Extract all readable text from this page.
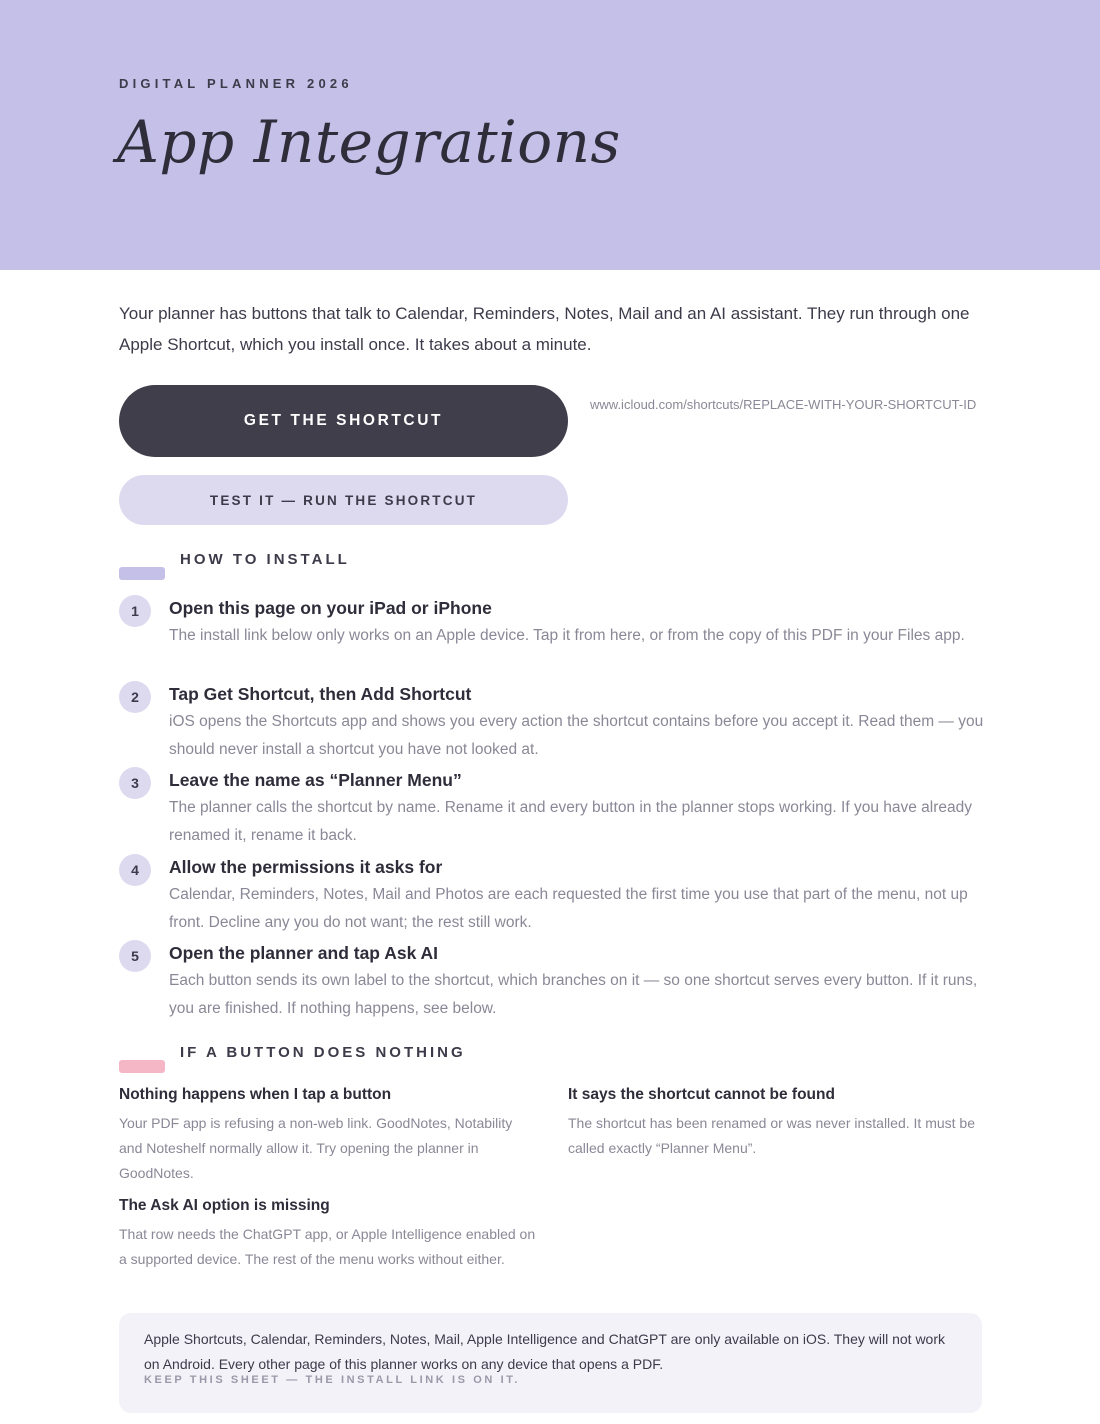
DIGITAL PLANNER 2026
App Integrations

Your planner has buttons that talk to Calendar, Reminders, Notes, Mail and an AI assistant. They run through one Apple Shortcut, which you install once. It takes about a minute.

GET THE SHORTCUT
www.icloud.com/shortcuts/REPLACE-WITH-YOUR-SHORTCUT-ID
TEST IT — RUN THE SHORTCUT
HOW TO INSTALL
1	Open this page on your iPad or iPhone
The install link below only works on an Apple device. Tap it from here, or from the copy of this PDF in your Files app.
2	Tap Get Shortcut, then Add Shortcut
iOS opens the Shortcuts app and shows you every action the shortcut contains before you accept it. Read them — you should never install a shortcut you have not looked at.
3	Leave the name as “Planner Menu”
The planner calls the shortcut by name. Rename it and every button in the planner stops working. If you have already renamed it, rename it back.
4	Allow the permissions it asks for
Calendar, Reminders, Notes, Mail and Photos are each requested the first time you use that part of the menu, not up front. Decline any you do not want; the rest still work.
5	Open the planner and tap Ask AI
Each button sends its own label to the shortcut, which branches on it — so one shortcut serves every button. If it runs, you are finished. If nothing happens, see below.
IF A BUTTON DOES NOTHING
Nothing happens when I tap a button
Your PDF app is refusing a non-web link. GoodNotes, Notability and Noteshelf normally allow it. Try opening the planner in GoodNotes.
It says the shortcut cannot be found
The shortcut has been renamed or was never installed. It must be called exactly “Planner Menu”.
The Ask AI option is missing
That row needs the ChatGPT app, or Apple Intelligence enabled on a supported device. The rest of the menu works without either.
Apple Shortcuts, Calendar, Reminders, Notes, Mail, Apple Intelligence and ChatGPT are only available on iOS. They will not work on Android. Every other page of this planner works on any device that opens a PDF.
KEEP THIS SHEET — THE INSTALL LINK IS ON IT.
